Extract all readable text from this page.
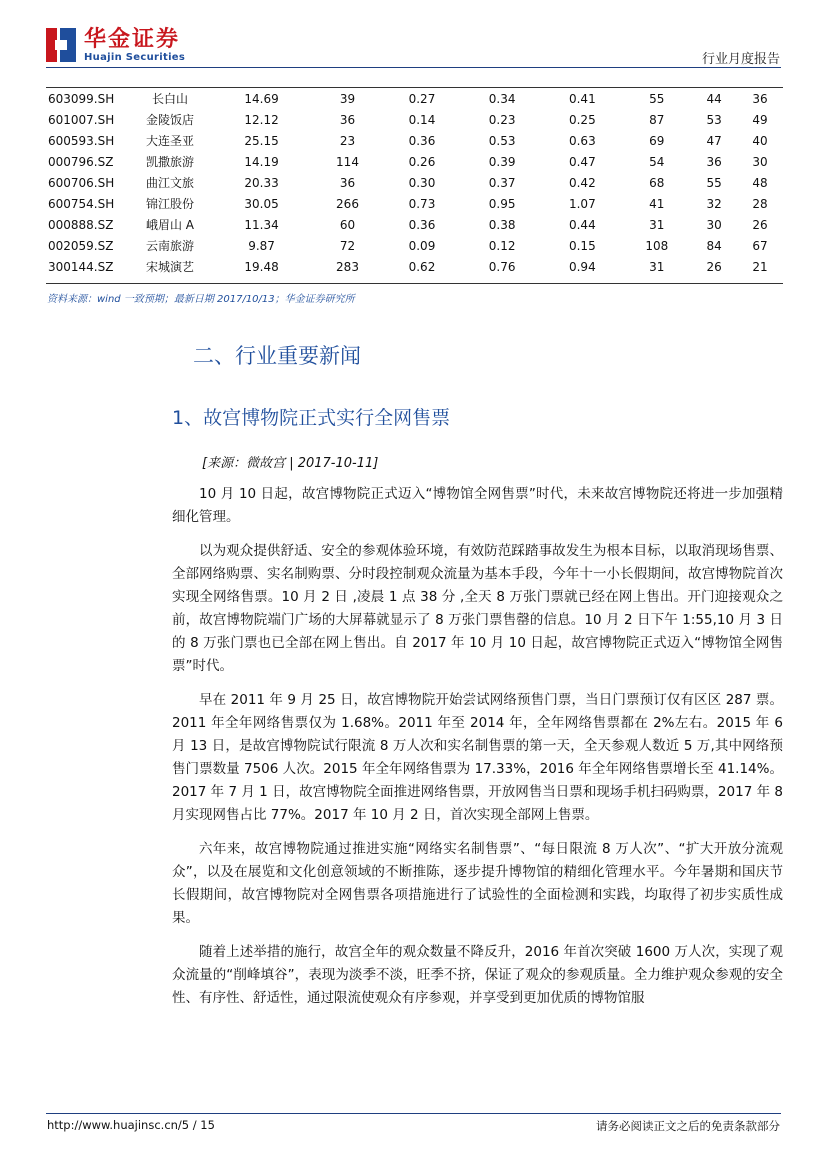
华金证券
Huajin Securities	行业月度报告
603099.SH	长白山	14.69	39	0.27	0.34	0.41	55	44	36
601007.SH	金陵饭店	12.12	36	0.14	0.23	0.25	87	53	49
600593.SH	大连圣亚	25.15	23	0.36	0.53	0.63	69	47	40
000796.SZ	凯撒旅游	14.19	114	0.26	0.39	0.47	54	36	30
600706.SH	曲江文旅	20.33	36	0.30	0.37	0.42	68	55	48
600754.SH	锦江股份	30.05	266	0.73	0.95	1.07	41	32	28
000888.SZ	峨眉山 A	11.34	60	0.36	0.38	0.44	31	30	26
002059.SZ	云南旅游	9.87	72	0.09	0.12	0.15	108	84	67
300144.SZ	宋城演艺	19.48	283	0.62	0.76	0.94	31	26	21
资料来源：wind 一致预期；最新日期 2017/10/13；华金证券研究所
二、行业重要新闻
1、故宫博物院正式实行全网售票
[来源：微故宫 | 2017-10-11]

10 月 10 日起，故宫博物院正式迈入“博物馆全网售票”时代，未来故宫博物院还将进一步加强精细化管理。

以为观众提供舒适、安全的参观体验环境，有效防范踩踏事故发生为根本目标，以取消现场售票、全部网络购票、实名制购票、分时段控制观众流量为基本手段，今年十一小长假期间，故宫博物院首次实现全网络售票。10 月 2 日 ,凌晨 1 点 38 分 ,全天 8 万张门票就已经在网上售出。开门迎接观众之前，故宫博物院端门广场的大屏幕就显示了 8 万张门票售罄的信息。10 月 2 日下午 1:55,10 月 3 日的 8 万张门票也已全部在网上售出。自 2017 年 10 月 10 日起，故宫博物院正式迈入“博物馆全网售票”时代。

早在 2011 年 9 月 25 日，故宫博物院开始尝试网络预售门票，当日门票预订仅有区区 287 票。2011 年全年网络售票仅为 1.68%。2011 年至 2014 年，全年网络售票都在 2%左右。2015 年 6 月 13 日，是故宫博物院试行限流 8 万人次和实名制售票的第一天，全天参观人数近 5 万,其中网络预售门票数量 7506 人次。2015 年全年网络售票为 17.33%，2016 年全年网络售票增长至 41.14%。2017 年 7 月 1 日，故宫博物院全面推进网络售票，开放网售当日票和现场手机扫码购票，2017 年 8 月实现网售占比 77%。2017 年 10 月 2 日，首次实现全部网上售票。

六年来，故宫博物院通过推进实施“网络实名制售票”、“每日限流 8 万人次”、“扩大开放分流观众”，以及在展览和文化创意领域的不断推陈，逐步提升博物馆的精细化管理水平。今年暑期和国庆节长假期间，故宫博物院对全网售票各项措施进行了试验性的全面检测和实践，均取得了初步实质性成果。

随着上述举措的施行，故宫全年的观众数量不降反升，2016 年首次突破 1600 万人次，实现了观众流量的“削峰填谷”，表现为淡季不淡，旺季不挤，保证了观众的参观质量。全力维护观众参观的安全性、有序性、舒适性，通过限流使观众有序参观，并享受到更加优质的博物馆服

http://www.huajinsc.cn/5 / 15	请务必阅读正文之后的免责条款部分
